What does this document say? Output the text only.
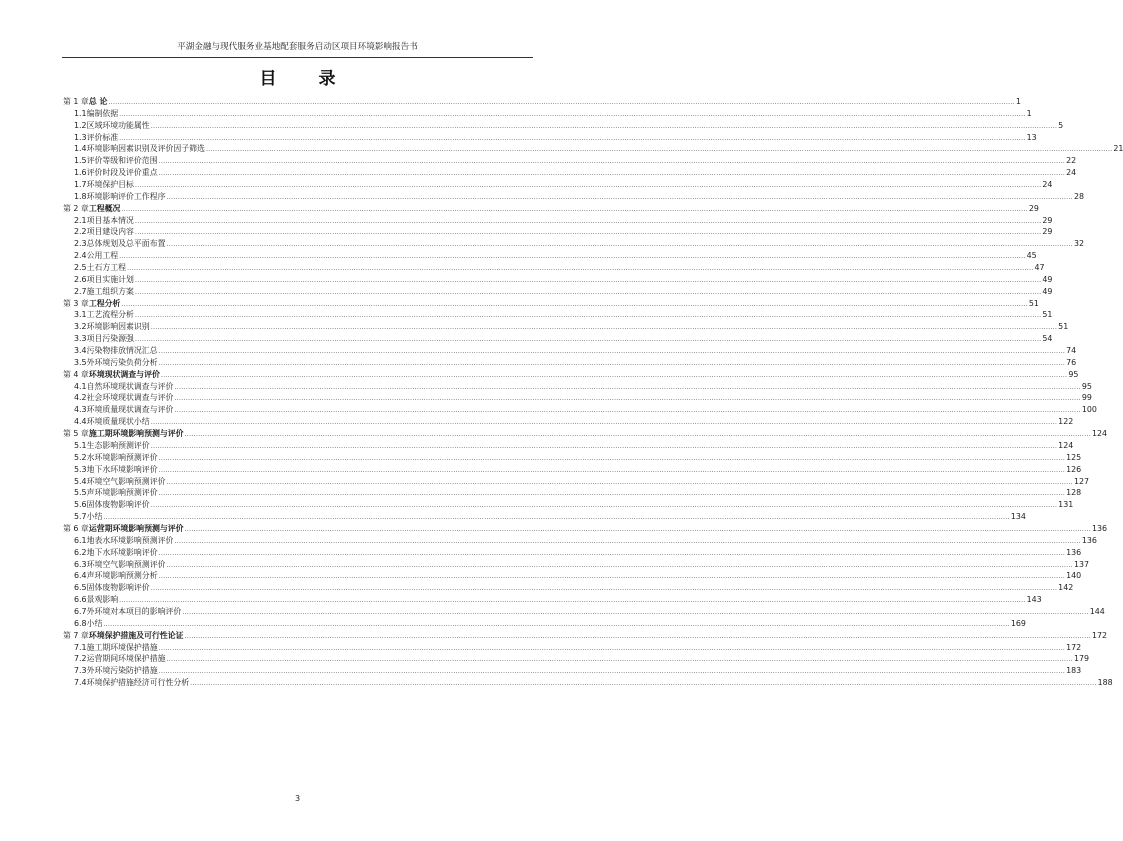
平湖金融与现代服务业基地配套服务启动区项目环境影响报告书
目 录
第 1 章 总 论 ................................................................................................................................................................................................................................................................................................................................................................................................................ 1
1.1 编制依据 ................................................................................................................................................................................................................................................................................................................................................................................................................ 1
1.2 区域环境功能属性 ................................................................................................................................................................................................................................................................................................................................................................................................................ 5
1.3 评价标准 ................................................................................................................................................................................................................................................................................................................................................................................................................ 13
1.4 环境影响因素识别及评价因子筛选 ................................................................................................................................................................................................................................................................................................................................................................................................................ 21
1.5 评价等级和评价范围 ................................................................................................................................................................................................................................................................................................................................................................................................................ 22
1.6 评价时段及评价重点 ................................................................................................................................................................................................................................................................................................................................................................................................................ 24
1.7 环境保护目标 ................................................................................................................................................................................................................................................................................................................................................................................................................ 24
1.8 环境影响评价工作程序 ................................................................................................................................................................................................................................................................................................................................................................................................................ 28
第 2 章 工程概况 ................................................................................................................................................................................................................................................................................................................................................................................................................ 29
2.1 项目基本情况 ................................................................................................................................................................................................................................................................................................................................................................................................................ 29
2.2 项目建设内容 ................................................................................................................................................................................................................................................................................................................................................................................................................ 29
2.3 总体规划及总平面布置 ................................................................................................................................................................................................................................................................................................................................................................................................................ 32
2.4 公用工程 ................................................................................................................................................................................................................................................................................................................................................................................................................ 45
2.5 土石方工程 ................................................................................................................................................................................................................................................................................................................................................................................................................ 47
2.6 项目实施计划 ................................................................................................................................................................................................................................................................................................................................................................................................................ 49
2.7 施工组织方案 ................................................................................................................................................................................................................................................................................................................................................................................................................ 49
第 3 章 工程分析 ................................................................................................................................................................................................................................................................................................................................................................................................................ 51
3.1 工艺流程分析 ................................................................................................................................................................................................................................................................................................................................................................................................................ 51
3.2 环境影响因素识别 ................................................................................................................................................................................................................................................................................................................................................................................................................ 51
3.3 项目污染源强 ................................................................................................................................................................................................................................................................................................................................................................................................................ 54
3.4 污染物排放情况汇总 ................................................................................................................................................................................................................................................................................................................................................................................................................ 74
3.5 外环境污染负荷分析 ................................................................................................................................................................................................................................................................................................................................................................................................................ 76
第 4 章 环境现状调查与评价 ................................................................................................................................................................................................................................................................................................................................................................................................................ 95
4.1 自然环境现状调查与评价 ................................................................................................................................................................................................................................................................................................................................................................................................................ 95
4.2 社会环境现状调查与评价 ................................................................................................................................................................................................................................................................................................................................................................................................................ 99
4.3 环境质量现状调查与评价 ................................................................................................................................................................................................................................................................................................................................................................................................................ 100
4.4 环境质量现状小结 ................................................................................................................................................................................................................................................................................................................................................................................................................ 122
第 5 章 施工期环境影响预测与评价 ................................................................................................................................................................................................................................................................................................................................................................................................................ 124
5.1 生态影响预测评价 ................................................................................................................................................................................................................................................................................................................................................................................................................ 124
5.2 水环境影响预测评价 ................................................................................................................................................................................................................................................................................................................................................................................................................ 125
5.3 地下水环境影响评价 ................................................................................................................................................................................................................................................................................................................................................................................................................ 126
5.4 环境空气影响预测评价 ................................................................................................................................................................................................................................................................................................................................................................................................................ 127
5.5 声环境影响预测评价 ................................................................................................................................................................................................................................................................................................................................................................................................................ 128
5.6 固体废物影响评价 ................................................................................................................................................................................................................................................................................................................................................................................................................ 131
5.7 小结 ................................................................................................................................................................................................................................................................................................................................................................................................................ 134
第 6 章 运营期环境影响预测与评价 ................................................................................................................................................................................................................................................................................................................................................................................................................ 136
6.1 地表水环境影响预测评价 ................................................................................................................................................................................................................................................................................................................................................................................................................ 136
6.2 地下水环境影响评价 ................................................................................................................................................................................................................................................................................................................................................................................................................ 136
6.3 环境空气影响预测评价 ................................................................................................................................................................................................................................................................................................................................................................................................................ 137
6.4 声环境影响预测分析 ................................................................................................................................................................................................................................................................................................................................................................................................................ 140
6.5 固体废物影响评价 ................................................................................................................................................................................................................................................................................................................................................................................................................ 142
6.6 景观影响 ................................................................................................................................................................................................................................................................................................................................................................................................................ 143
6.7 外环境对本项目的影响评价 ................................................................................................................................................................................................................................................................................................................................................................................................................ 144
6.8 小结 ................................................................................................................................................................................................................................................................................................................................................................................................................ 169
第 7 章 环境保护措施及可行性论证 ................................................................................................................................................................................................................................................................................................................................................................................................................ 172
7.1 施工期环境保护措施 ................................................................................................................................................................................................................................................................................................................................................................................................................ 172
7.2 运营期间环境保护措施 ................................................................................................................................................................................................................................................................................................................................................................................................................ 179
7.3 外环境污染防护措施 ................................................................................................................................................................................................................................................................................................................................................................................................................ 183
7.4 环境保护措施经济可行性分析 ................................................................................................................................................................................................................................................................................................................................................................................................................ 188
3
